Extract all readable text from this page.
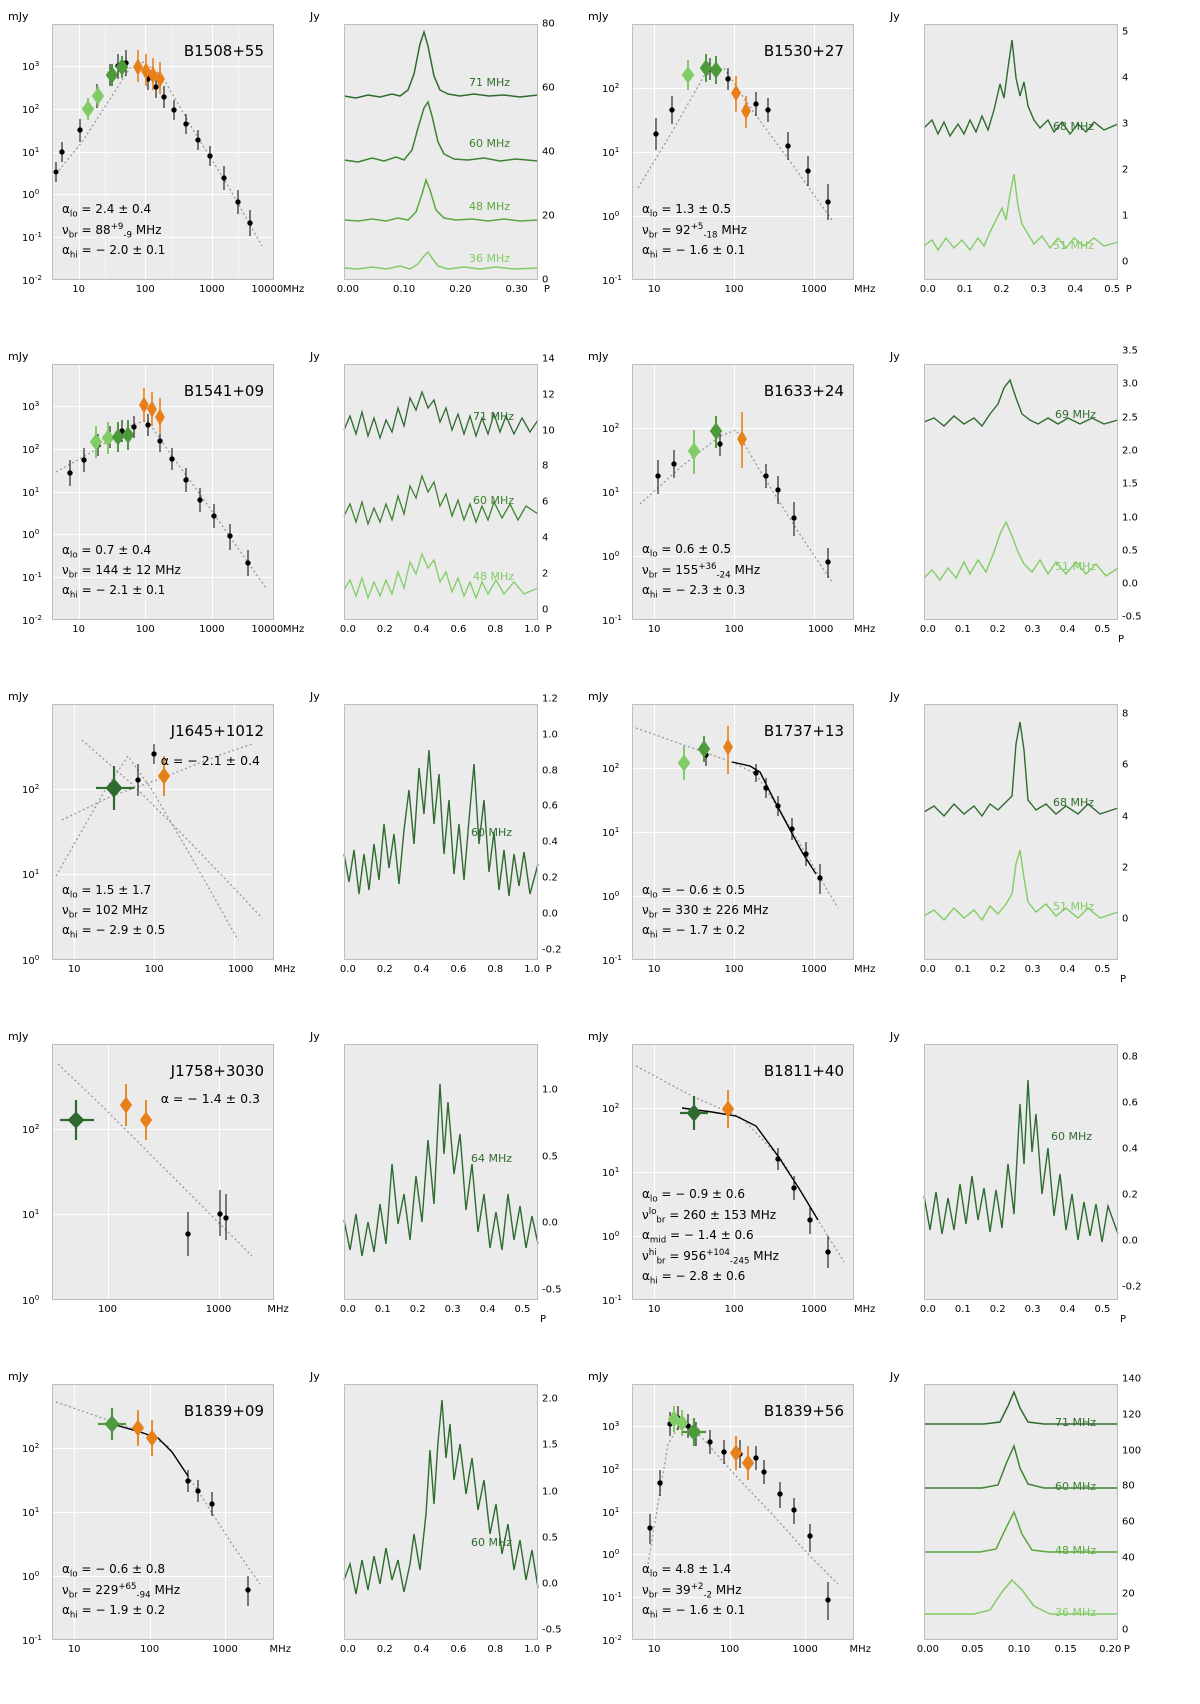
mJy
B1508+55
$\alpha_{lo} = 2.4 \pm 0.4$
$\nu_{br} = 88^{+9}_{-9}$ MHz
$\alpha_{hi}$ = − 2.0 ± 0.1
$10^{-2}$
$10^{-1}$
$10^0$
$10^1$
$10^2$
$10^3$
10	100	1000	10000 MHz
Jy
71 MHz
60 MHz
48 MHz
36 MHz
0
20
40
60
80
0.00	0.10	0.20	0.30 P
mJy
B1530+27
$\alpha_{lo} = 1.3 \pm 0.5$
$\nu_{br} = 92^{+5}_{-18}$ MHz
$\alpha_{hi}$ = − 1.6 ± 0.1
$10^{-1}$
$10^0$
$10^1$
$10^2$
10	100	1000	MHz
Jy
68 MHz
51 MHz
0
1
2
3
4
5
0.0 0.1 0.2 0.3 0.4 0.5 P
mJy
B1541+09
$\alpha_{lo} = 0.7 \pm 0.4$
$\nu_{br} = 144 \pm 12$ MHz
$\alpha_{hi}$ = − 2.1 ± 0.1
$10^{-2}$
$10^{-1}$
$10^0$
$10^1$
$10^2$
$10^3$
10	100	1000	10000 MHz
Jy
71 MHz
60 MHz
48 MHz
0
2
4
6
8
10
12
14
0.0 0.2 0.4 0.6 0.8 1.0 P
mJy
B1633+24
$\alpha_{lo} = 0.6 \pm 0.5$
$\nu_{br} = 155^{+36}_{-24}$ MHz
$\alpha_{hi}$ = − 2.3 ± 0.3
$10^{-1}$
$10^0$
$10^1$
$10^2$
10	100	1000 MHz
Jy
69 MHz
51 MHz
-0.5
0.0
0.5
1.0
1.5
2.0
2.5
3.0
3.5
0.0 0.1 0.2 0.3 0.4 0.5
P
mJy
J1645+1012
α = − 2.1 ± 0.4
$\alpha_{lo} = 1.5 \pm 1.7$
$\nu_{br} = 102$ MHz
$\alpha_{hi}$ = − 2.9 ± 0.5
$10^0$
$10^1$
$10^2$
10	100	1000 MHz
Jy
60 MHz
-0.2
0.0
0.2
0.4
0.6
0.8
1.0
1.2
0.0 0.2 0.4 0.6 0.8 1.0 P
mJy
B1737+13
$\alpha_{lo}$ = − 0.6 ± 0.5
$\nu_{br} = 330 \pm 226$ MHz
$\alpha_{hi}$ = − 1.7 ± 0.2
$10^{-1}$
$10^0$
$10^1$
$10^2$
10	100	1000	MHz
Jy
68 MHz
51 MHz
0
2
4
6
8
0.0 0.1 0.2 0.3 0.4 0.5
P
mJy
J1758+3030
α = − 1.4 ± 0.3
$10^0$
$10^1$
$10^2$
100	1000	MHz
Jy
64 MHz
-0.5
0.0
0.5
1.0
0.0 0.1 0.2 0.3 0.4 0.5
P
mJy
B1811+40
$\alpha_{lo}$ = − 0.9 ± 0.6
$\nu^{lo}_{br} = 260 \pm 153$ MHz
$\alpha_{mid}$ = − 1.4 ± 0.6
$\nu^{hi}_{br} = 956^{+104}_{-245}$ MHz
$\alpha_{hi}$ = − 2.8 ± 0.6
$10^{-1}$
$10^0$
$10^1$
$10^2$
10	100	1000	MHz
Jy
60 MHz
-0.2
0.0
0.2
0.4
0.6
0.8
0.0 0.1 0.2 0.3 0.4 0.5
P
mJy
B1839+09
$\alpha_{lo}$ = − 0.6 ± 0.8
$\nu_{br} = 229^{+65}_{-94}$ MHz
$\alpha_{hi}$ = − 1.9 ± 0.2
$10^{-1}$
$10^0$
$10^1$
$10^2$
10	100	1000	MHz
Jy
60 MHz
-0.5
0.0
0.5
1.0
1.5
2.0
0.0 0.2 0.4 0.6 0.8 1.0 P
mJy
B1839+56
$\alpha_{lo} = 4.8 \pm 1.4$
$\nu_{br} = 39^{+2}_{-2}$ MHz
$\alpha_{hi}$ = − 1.6 ± 0.1
$10^{-2}$
$10^{-1}$
$10^0$
$10^1$
$10^2$
$10^3$
10	100	1000	MHz
Jy
71 MHz
60 MHz
48 MHz
36 MHz
0
20
40
60
80
100
120
140
0.00 0.05 0.10 0.15 0.20 P
